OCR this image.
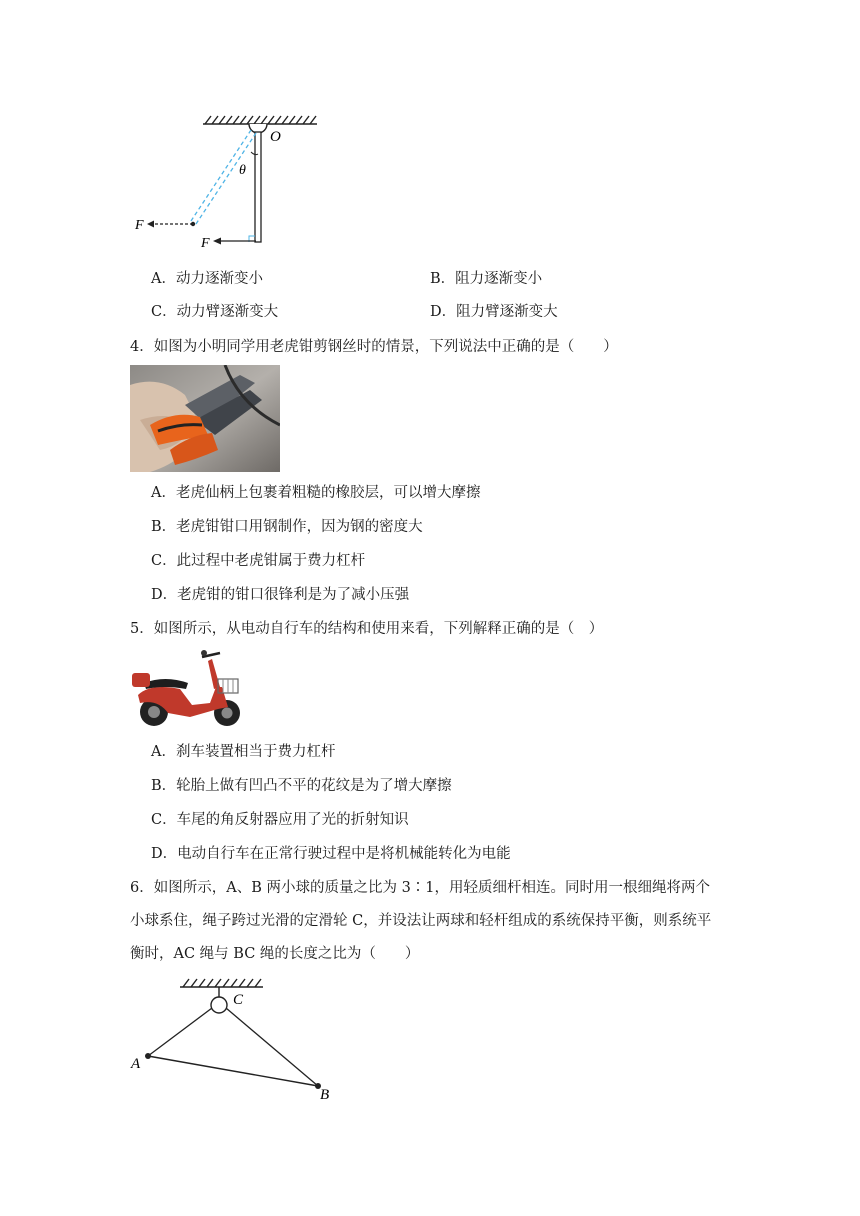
O
θ
F
F
A．动力逐渐变小	B．阻力逐渐变小
C．动力臂逐渐变大	D．阻力臂逐渐变大
4．如图为小明同学用老虎钳剪钢丝时的情景，下列说法中正确的是（　　）
A．老虎仙柄上包裹着粗糙的橡胶层，可以增大摩擦
B．老虎钳钳口用钢制作，因为钢的密度大
C．此过程中老虎钳属于费力杠杆
D．老虎钳的钳口很锋利是为了减小压强
5．如图所示，从电动自行车的结构和使用来看，下列解释正确的是（　）
A．刹车装置相当于费力杠杆
B．轮胎上做有凹凸不平的花纹是为了增大摩擦
C．车尾的角反射器应用了光的折射知识
D．电动自行车在正常行驶过程中是将机械能转化为电能
6．如图所示，A、B 两小球的质量之比为 3∶1，用轻质细杆相连。同时用一根细绳将两个
小球系住，绳子跨过光滑的定滑轮 C，并设法让两球和轻杆组成的系统保持平衡，则系统平
衡时，AC 绳与 BC 绳的长度之比为（　　）
C
A
B
